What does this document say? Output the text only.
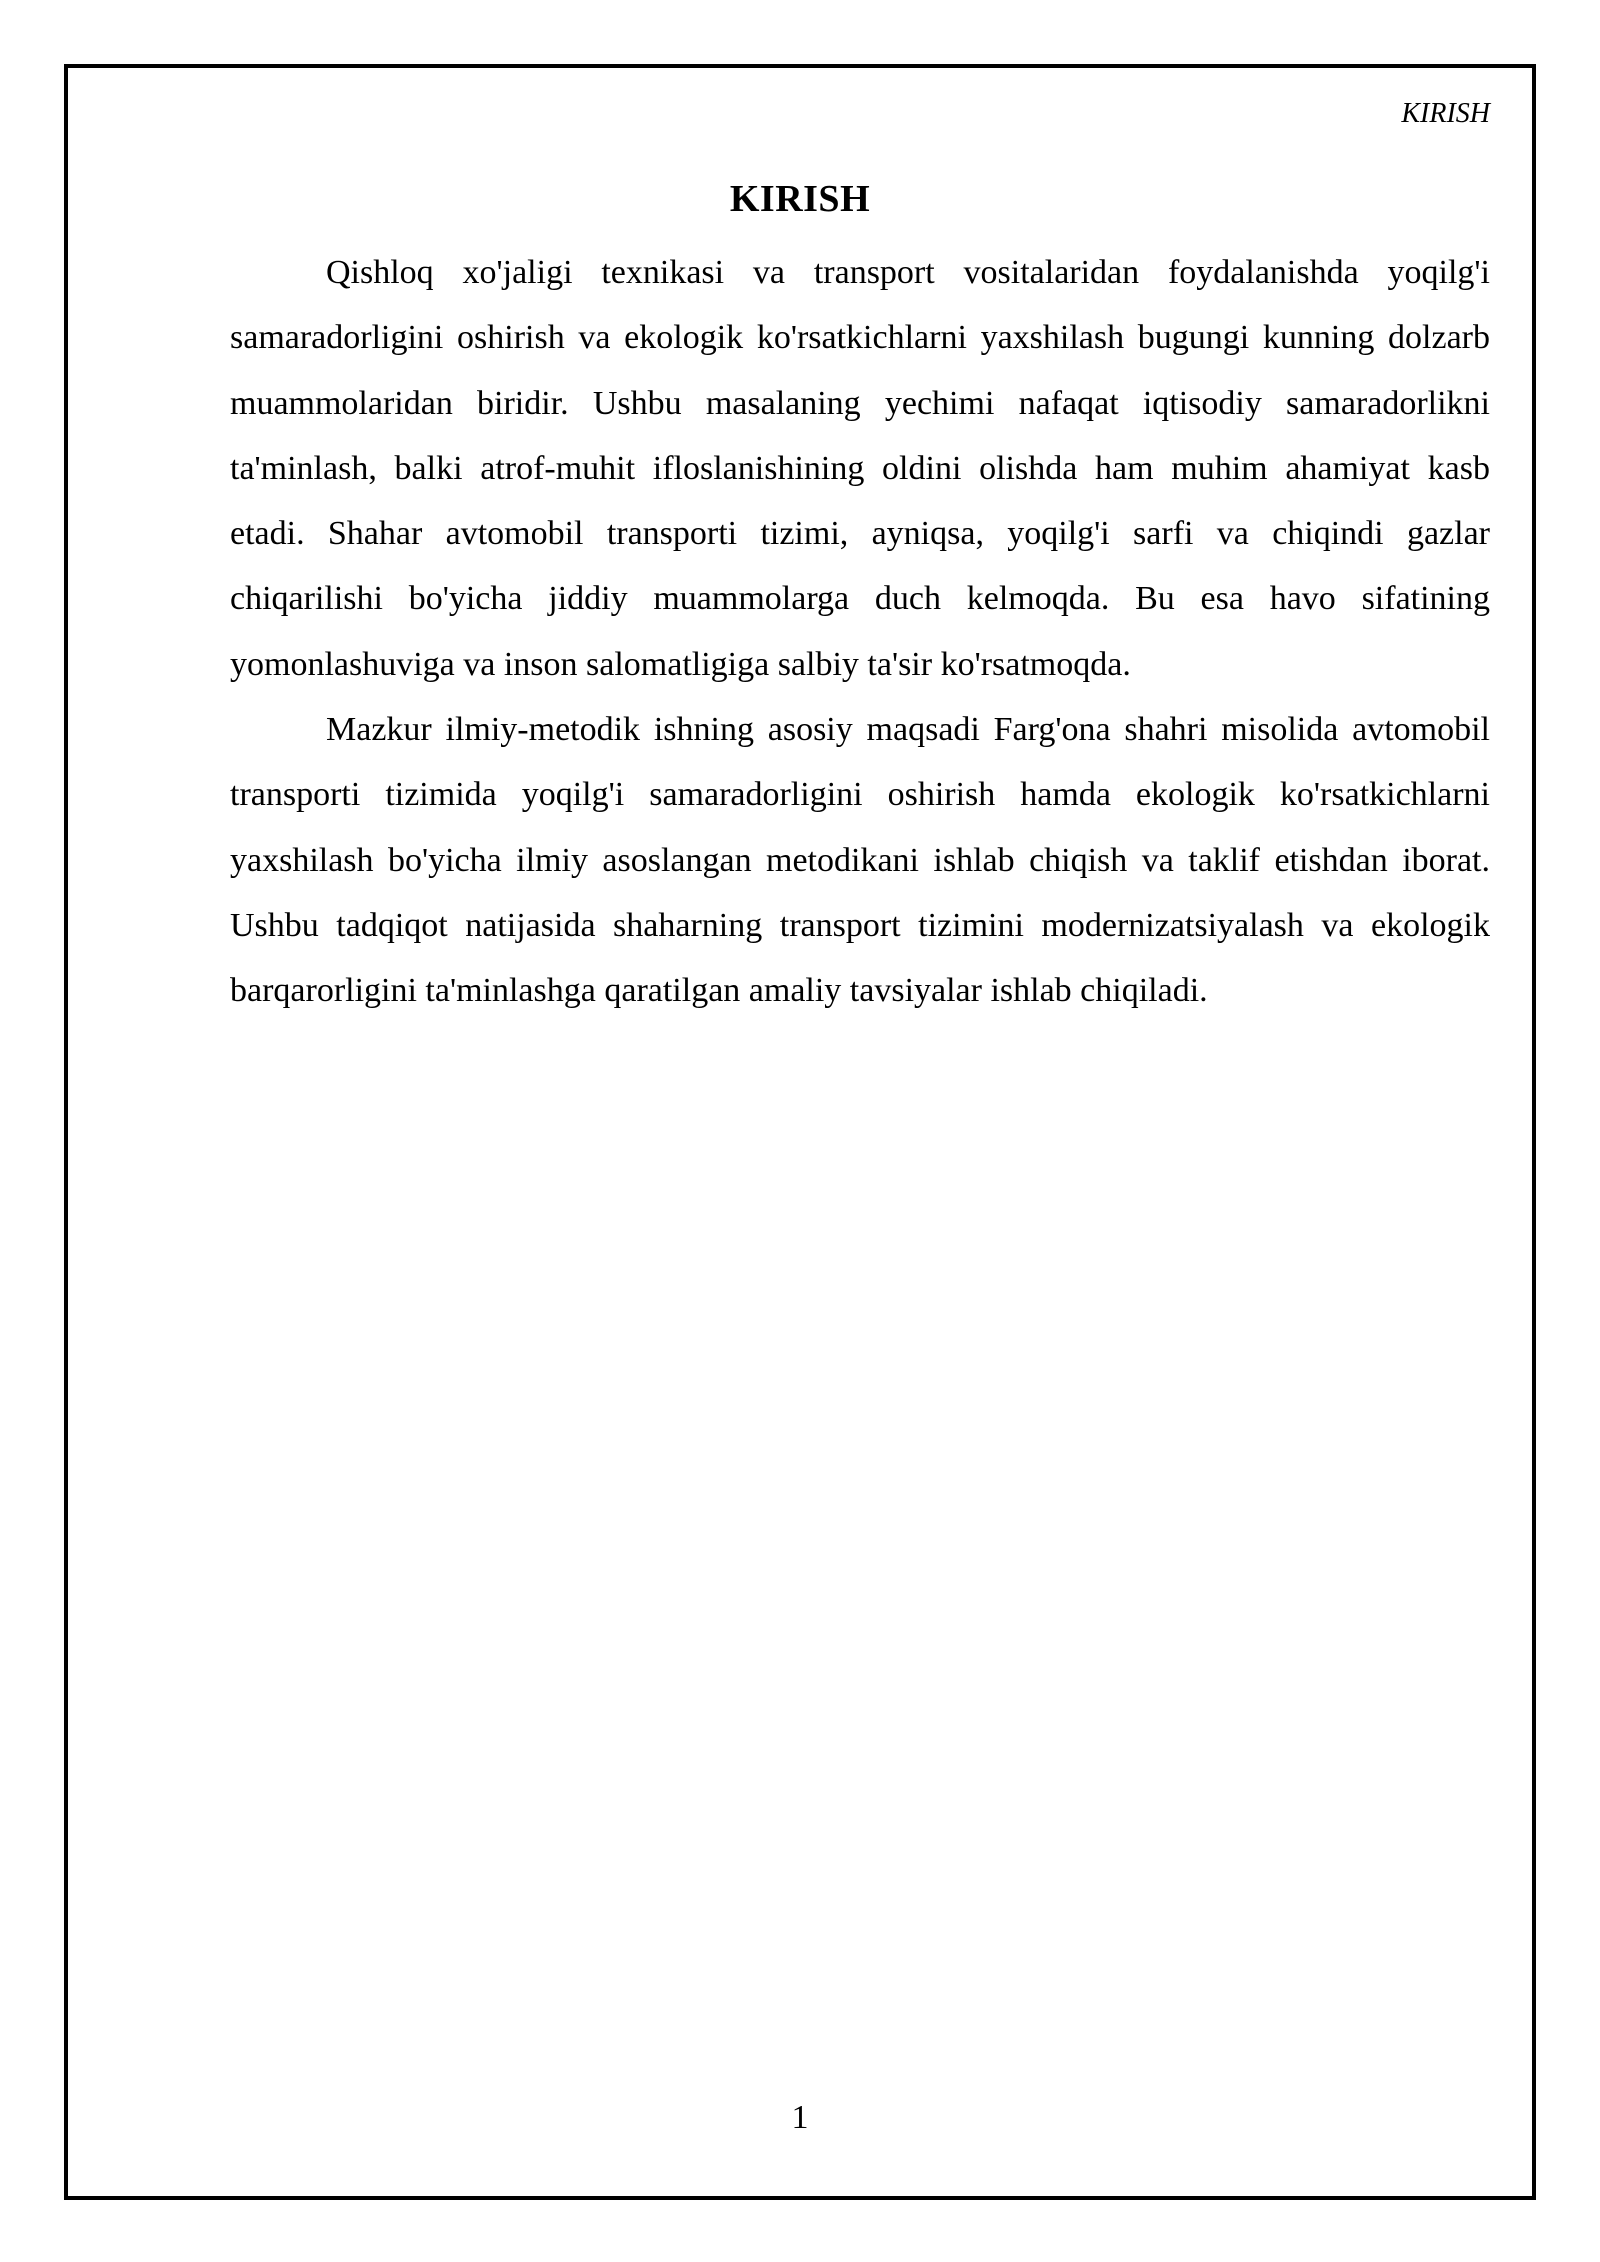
KIRISH
KIRISH

Qishloq xo'jaligi texnikasi va transport vositalaridan foydalanishda yoqilg'i samaradorligini oshirish va ekologik ko'rsatkichlarni yaxshilash bugungi kunning dolzarb muammolaridan biridir. Ushbu masalaning yechimi nafaqat iqtisodiy samaradorlikni ta'minlash, balki atrof-muhit ifloslanishining oldini olishda ham muhim ahamiyat kasb etadi. Shahar avtomobil transporti tizimi, ayniqsa, yoqilg'i sarfi va chiqindi gazlar chiqarilishi bo'yicha jiddiy muammolarga duch kelmoqda. Bu esa havo sifatining yomonlashuviga va inson salomatligiga salbiy ta'sir ko'rsatmoqda.

Mazkur ilmiy-metodik ishning asosiy maqsadi Farg'ona shahri misolida avtomobil transporti tizimida yoqilg'i samaradorligini oshirish hamda ekologik ko'rsatkichlarni yaxshilash bo'yicha ilmiy asoslangan metodikani ishlab chiqish va taklif etishdan iborat. Ushbu tadqiqot natijasida shaharning transport tizimini modernizatsiyalash va ekologik barqarorligini ta'minlashga qaratilgan amaliy tavsiyalar ishlab chiqiladi.

1
